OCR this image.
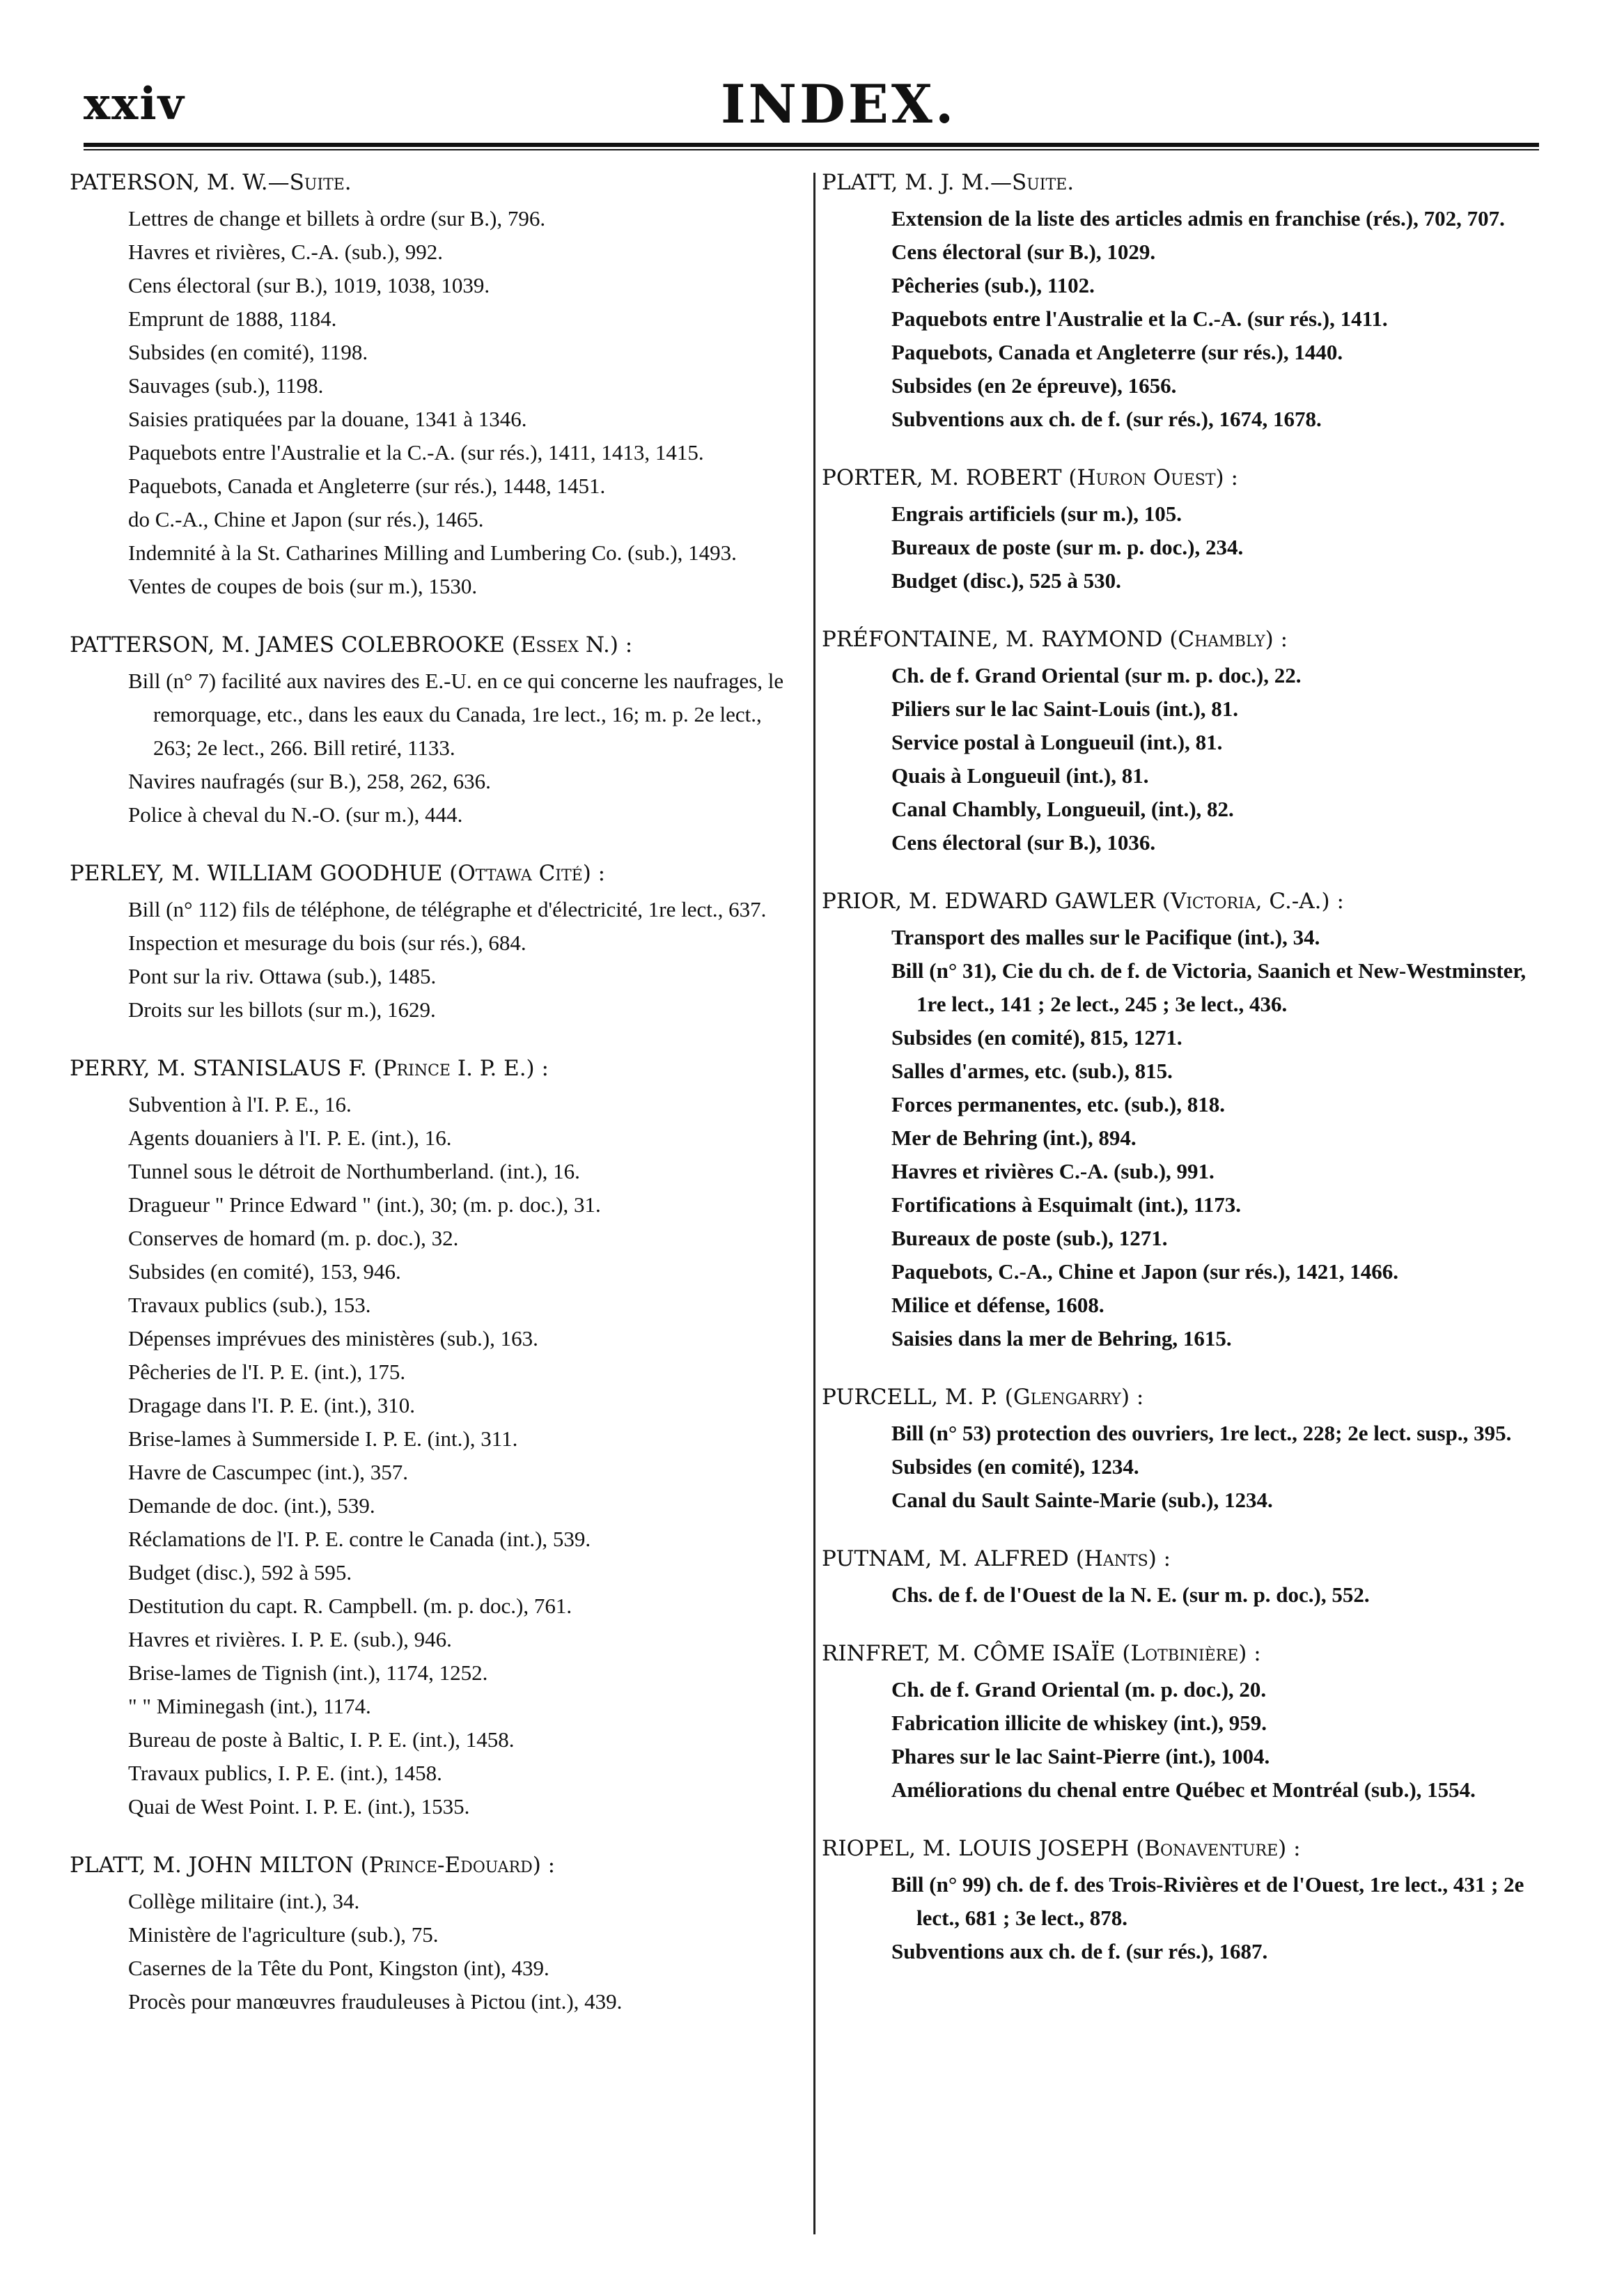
xxiv	INDEX.
PATERSON, M. W.—Suite.
Lettres de change et billets à ordre (sur B.), 796.
Havres et rivières, C.-A. (sub.), 992.
Cens électoral (sur B.), 1019, 1038, 1039.
Emprunt de 1888, 1184.
Subsides (en comité), 1198.
Sauvages (sub.), 1198.
Saisies pratiquées par la douane, 1341 à 1346.
Paquebots entre l'Australie et la C.-A. (sur rés.), 1411, 1413, 1415.
Paquebots, Canada et Angleterre (sur rés.), 1448, 1451.
do C.-A., Chine et Japon (sur rés.), 1465.
Indemnité à la St. Catharines Milling and Lumbering Co. (sub.), 1493.
Ventes de coupes de bois (sur m.), 1530.
PATTERSON, M. JAMES COLEBROOKE (Essex N.) :
Bill (n° 7) facilité aux navires des E.-U. en ce qui concerne les naufrages, le remorquage, etc., dans les eaux du Canada, 1re lect., 16; m. p. 2e lect., 263; 2e lect., 266. Bill retiré, 1133.
Navires naufragés (sur B.), 258, 262, 636.
Police à cheval du N.-O. (sur m.), 444.
PERLEY, M. WILLIAM GOODHUE (Ottawa Cité) :
Bill (n° 112) fils de téléphone, de télégraphe et d'électricité, 1re lect., 637.
Inspection et mesurage du bois (sur rés.), 684.
Pont sur la riv. Ottawa (sub.), 1485.
Droits sur les billots (sur m.), 1629.
PERRY, M. STANISLAUS F. (Prince I. P. E.) :
Subvention à l'I. P. E., 16.
Agents douaniers à l'I. P. E. (int.), 16.
Tunnel sous le détroit de Northumberland. (int.), 16.
Dragueur " Prince Edward " (int.), 30; (m. p. doc.), 31.
Conserves de homard (m. p. doc.), 32.
Subsides (en comité), 153, 946.
Travaux publics (sub.), 153.
Dépenses imprévues des ministères (sub.), 163.
Pêcheries de l'I. P. E. (int.), 175.
Dragage dans l'I. P. E. (int.), 310.
Brise-lames à Summerside I. P. E. (int.), 311.
Havre de Cascumpec (int.), 357.
Demande de doc. (int.), 539.
Réclamations de l'I. P. E. contre le Canada (int.), 539.
Budget (disc.), 592 à 595.
Destitution du capt. R. Campbell. (m. p. doc.), 761.
Havres et rivières. I. P. E. (sub.), 946.
Brise-lames de Tignish (int.), 1174, 1252.
" " Miminegash (int.), 1174.
Bureau de poste à Baltic, I. P. E. (int.), 1458.
Travaux publics, I. P. E. (int.), 1458.
Quai de West Point. I. P. E. (int.), 1535.
PLATT, M. JOHN MILTON (Prince-Edouard) :
Collège militaire (int.), 34.
Ministère de l'agriculture (sub.), 75.
Casernes de la Tête du Pont, Kingston (int), 439.
Procès pour manœuvres frauduleuses à Pictou (int.), 439.
PLATT, M. J. M.—Suite.
Extension de la liste des articles admis en franchise (rés.), 702, 707.
Cens électoral (sur B.), 1029.
Pêcheries (sub.), 1102.
Paquebots entre l'Australie et la C.-A. (sur rés.), 1411.
Paquebots, Canada et Angleterre (sur rés.), 1440.
Subsides (en 2e épreuve), 1656.
Subventions aux ch. de f. (sur rés.), 1674, 1678.
PORTER, M. ROBERT (Huron Ouest) :
Engrais artificiels (sur m.), 105.
Bureaux de poste (sur m. p. doc.), 234.
Budget (disc.), 525 à 530.
PRÉFONTAINE, M. RAYMOND (Chambly) :
Ch. de f. Grand Oriental (sur m. p. doc.), 22.
Piliers sur le lac Saint-Louis (int.), 81.
Service postal à Longueuil (int.), 81.
Quais à Longueuil (int.), 81.
Canal Chambly, Longueuil, (int.), 82.
Cens électoral (sur B.), 1036.
PRIOR, M. EDWARD GAWLER (Victoria, C.-A.) :
Transport des malles sur le Pacifique (int.), 34.
Bill (n° 31), Cie du ch. de f. de Victoria, Saanich et New-Westminster, 1re lect., 141 ; 2e lect., 245 ; 3e lect., 436.
Subsides (en comité), 815, 1271.
Salles d'armes, etc. (sub.), 815.
Forces permanentes, etc. (sub.), 818.
Mer de Behring (int.), 894.
Havres et rivières C.-A. (sub.), 991.
Fortifications à Esquimalt (int.), 1173.
Bureaux de poste (sub.), 1271.
Paquebots, C.-A., Chine et Japon (sur rés.), 1421, 1466.
Milice et défense, 1608.
Saisies dans la mer de Behring, 1615.
PURCELL, M. P. (Glengarry) :
Bill (n° 53) protection des ouvriers, 1re lect., 228; 2e lect. susp., 395.
Subsides (en comité), 1234.
Canal du Sault Sainte-Marie (sub.), 1234.
PUTNAM, M. ALFRED (Hants) :
Chs. de f. de l'Ouest de la N. E. (sur m. p. doc.), 552.
RINFRET, M. CÔME ISAÏE (Lotbinière) :
Ch. de f. Grand Oriental (m. p. doc.), 20.
Fabrication illicite de whiskey (int.), 959.
Phares sur le lac Saint-Pierre (int.), 1004.
Améliorations du chenal entre Québec et Montréal (sub.), 1554.
RIOPEL, M. LOUIS JOSEPH (Bonaventure) :
Bill (n° 99) ch. de f. des Trois-Rivières et de l'Ouest, 1re lect., 431 ; 2e lect., 681 ; 3e lect., 878.
Subventions aux ch. de f. (sur rés.), 1687.
